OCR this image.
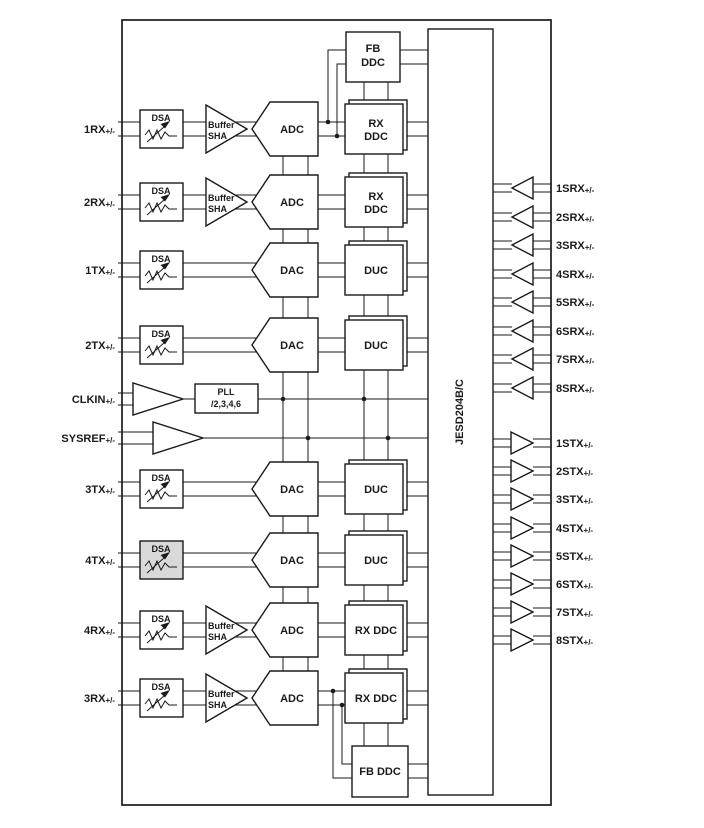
JESD204B/C
DSA
Buffer
SHA	ADC	RX
DDC
DSA
Buffer
SHA	ADC	RX
DDC
DSA
DAC	DUC
DSA
DAC	DUC
DSA
DAC	DUC
DSA
DAC	DUC
DSA
Buffer
SHA	ADC	RX DDC
DSA
Buffer
SHA	ADC	RX DDC
PLL
/2,3,4,6
FB
DDC
FB DDC
1RX+/-
2RX+/-
1TX+/-
2TX+/-
3TX+/-
4TX+/-
4RX+/-
3RX+/-
CLKIN+/-
SYSREF+/-
1SRX+/-
2SRX+/-
3SRX+/-
4SRX+/-
5SRX+/-
6SRX+/-
7SRX+/-
8SRX+/-
1STX+/-
2STX+/-
3STX+/-
4STX+/-
5STX+/-
6STX+/-
7STX+/-
8STX+/-
